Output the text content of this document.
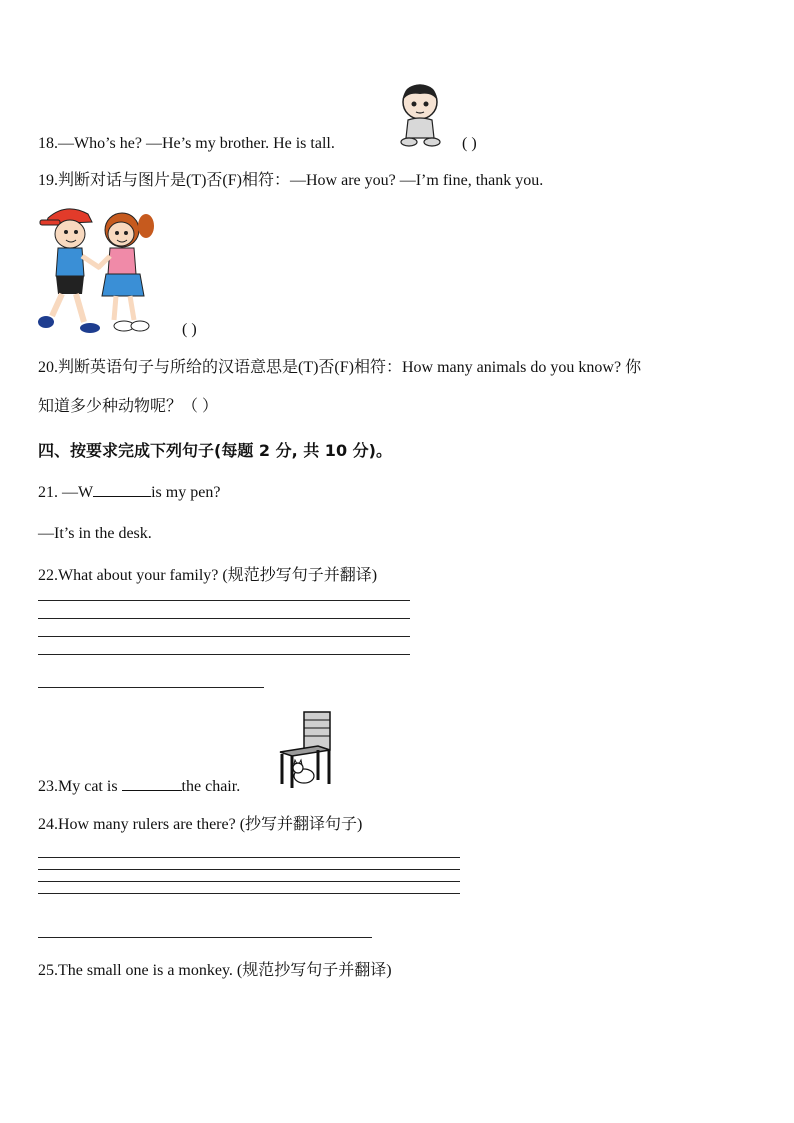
18.—Who’s he? —He’s my brother. He is tall.	( )
19.判断对话与图片是(T)否(F)相符：—How are you? —I’m fine, thank you.
( )
20.判断英语句子与所给的汉语意思是(T)否(F)相符：How many animals do you know? 你
知道多少种动物呢？（ ）
四、按要求完成下列句子(每题 2 分, 共 10 分)。
21. —W	is my pen?
—It’s in the desk.
22.What about your family? (规范抄写句子并翻译)
23.My cat is	the chair.
24.How many rulers are there? (抄写并翻译句子)
25.The small one is a monkey. (规范抄写句子并翻译)
